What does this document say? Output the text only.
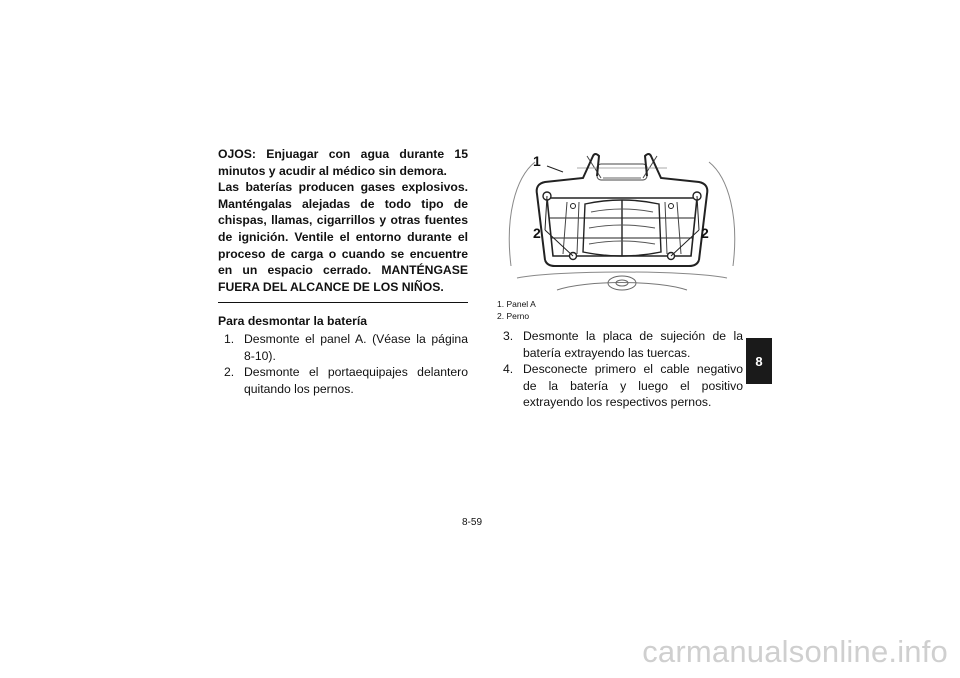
OJOS: Enjuagar con agua durante 15 minutos y acudir al médico sin demora.

Las baterías producen gases explosivos. Manténgalas alejadas de todo tipo de chispas, llamas, cigarrillos y otras fuentes de ignición. Ventile el entorno durante el proceso de carga o cuando se encuentre en un espacio cerrado. MANTÉNGASE FUERA DEL ALCANCE DE LOS NIÑOS.

Para desmontar la batería
1. Desmonte el panel A. (Véase la página 8-10).
2. Desmonte el portaequipajes delantero quitando los pernos.
1
2	2
1. Panel A
2. Perno
3. Desmonte la placa de sujeción de la batería extrayendo las tuercas.
4. Desconecte primero el cable negativo de la batería y luego el positivo extrayendo los respectivos pernos.
8
8-59
carmanualsonline.info
